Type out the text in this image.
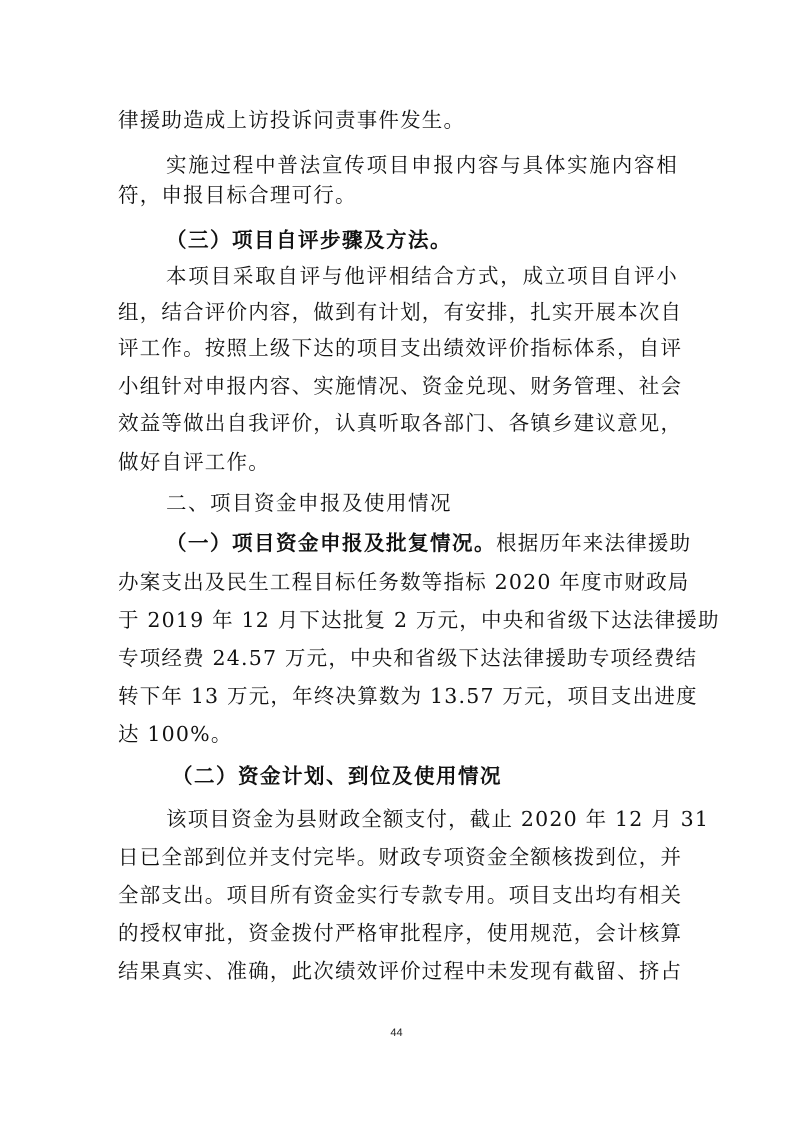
律援助造成上访投诉问责事件发生。
实施过程中普法宣传项目申报内容与具体实施内容相
符，申报目标合理可行。
（三）项目自评步骤及方法。
本项目采取自评与他评相结合方式，成立项目自评小
组，结合评价内容，做到有计划，有安排，扎实开展本次自
评工作。按照上级下达的项目支出绩效评价指标体系，自评
小组针对申报内容、实施情况、资金兑现、财务管理、社会
效益等做出自我评价，认真听取各部门、各镇乡建议意见，
做好自评工作。
二、项目资金申报及使用情况
（一）项目资金申报及批复情况。根据历年来法律援助
办案支出及民生工程目标任务数等指标 2020 年度市财政局
于 2019 年 12 月下达批复 2 万元，中央和省级下达法律援助
专项经费 24.57 万元，中央和省级下达法律援助专项经费结
转下年 13 万元，年终决算数为 13.57 万元，项目支出进度
达 100%。
（二）资金计划、到位及使用情况
该项目资金为县财政全额支付，截止 2020 年 12 月 31
日已全部到位并支付完毕。财政专项资金全额核拨到位，并
全部支出。项目所有资金实行专款专用。项目支出均有相关
的授权审批，资金拨付严格审批程序，使用规范，会计核算
结果真实、准确，此次绩效评价过程中未发现有截留、挤占
44
